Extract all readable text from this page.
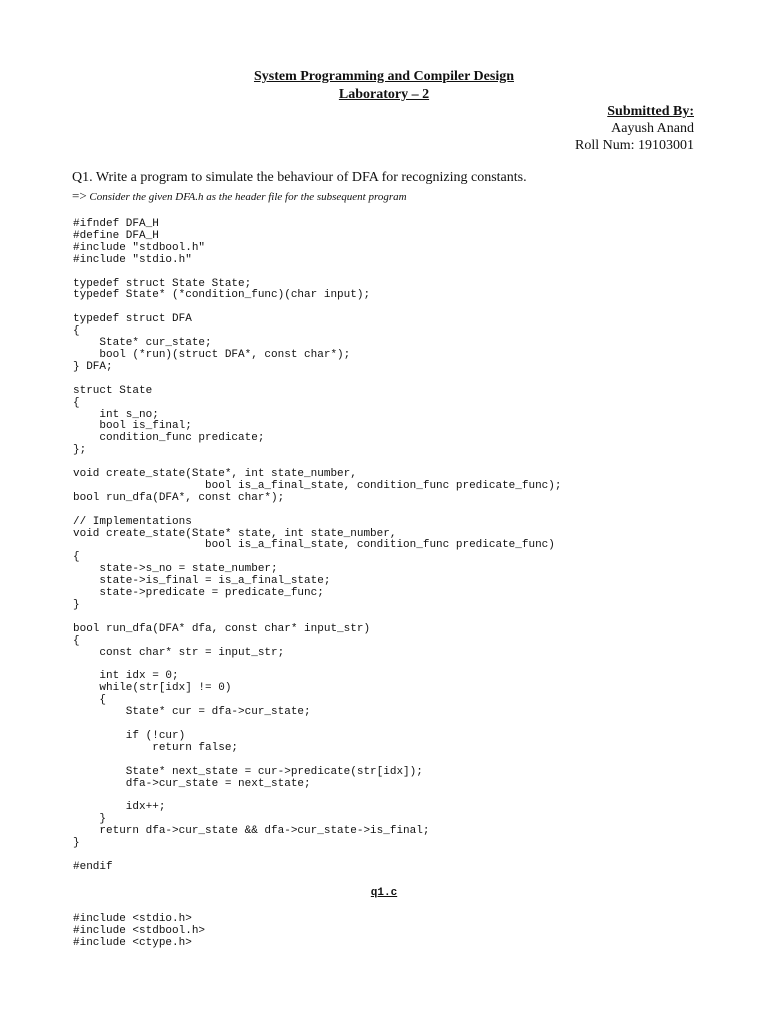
System Programming and Compiler Design
Laboratory – 2
Submitted By:
Aayush Anand
Roll Num: 19103001
Q1. Write a program to simulate the behaviour of DFA for recognizing constants.
=> Consider the given DFA.h as the header file for the subsequent program
#ifndef DFA_H
#define DFA_H
#include "stdbool.h"
#include "stdio.h"

typedef struct State State;
typedef State* (*condition_func)(char input);

typedef struct DFA
{
State* cur_state;
bool (*run)(struct DFA*, const char*);
} DFA;

struct State
{
int s_no;
bool is_final;
condition_func predicate;
};

void create_state(State*, int state_number,
bool is_a_final_state, condition_func predicate_func);
bool run_dfa(DFA*, const char*);

// Implementations
void create_state(State* state, int state_number,
bool is_a_final_state, condition_func predicate_func)
{
state->s_no = state_number;
state->is_final = is_a_final_state;
state->predicate = predicate_func;
}

bool run_dfa(DFA* dfa, const char* input_str)
{
const char* str = input_str;

int idx = 0;
while(str[idx] != 0)
{
State* cur = dfa->cur_state;

if (!cur)
return false;

State* next_state = cur->predicate(str[idx]);
dfa->cur_state = next_state;

idx++;
}
return dfa->cur_state && dfa->cur_state->is_final;
}

#endif
q1.c
#include <stdio.h>
#include <stdbool.h>
#include <ctype.h>
